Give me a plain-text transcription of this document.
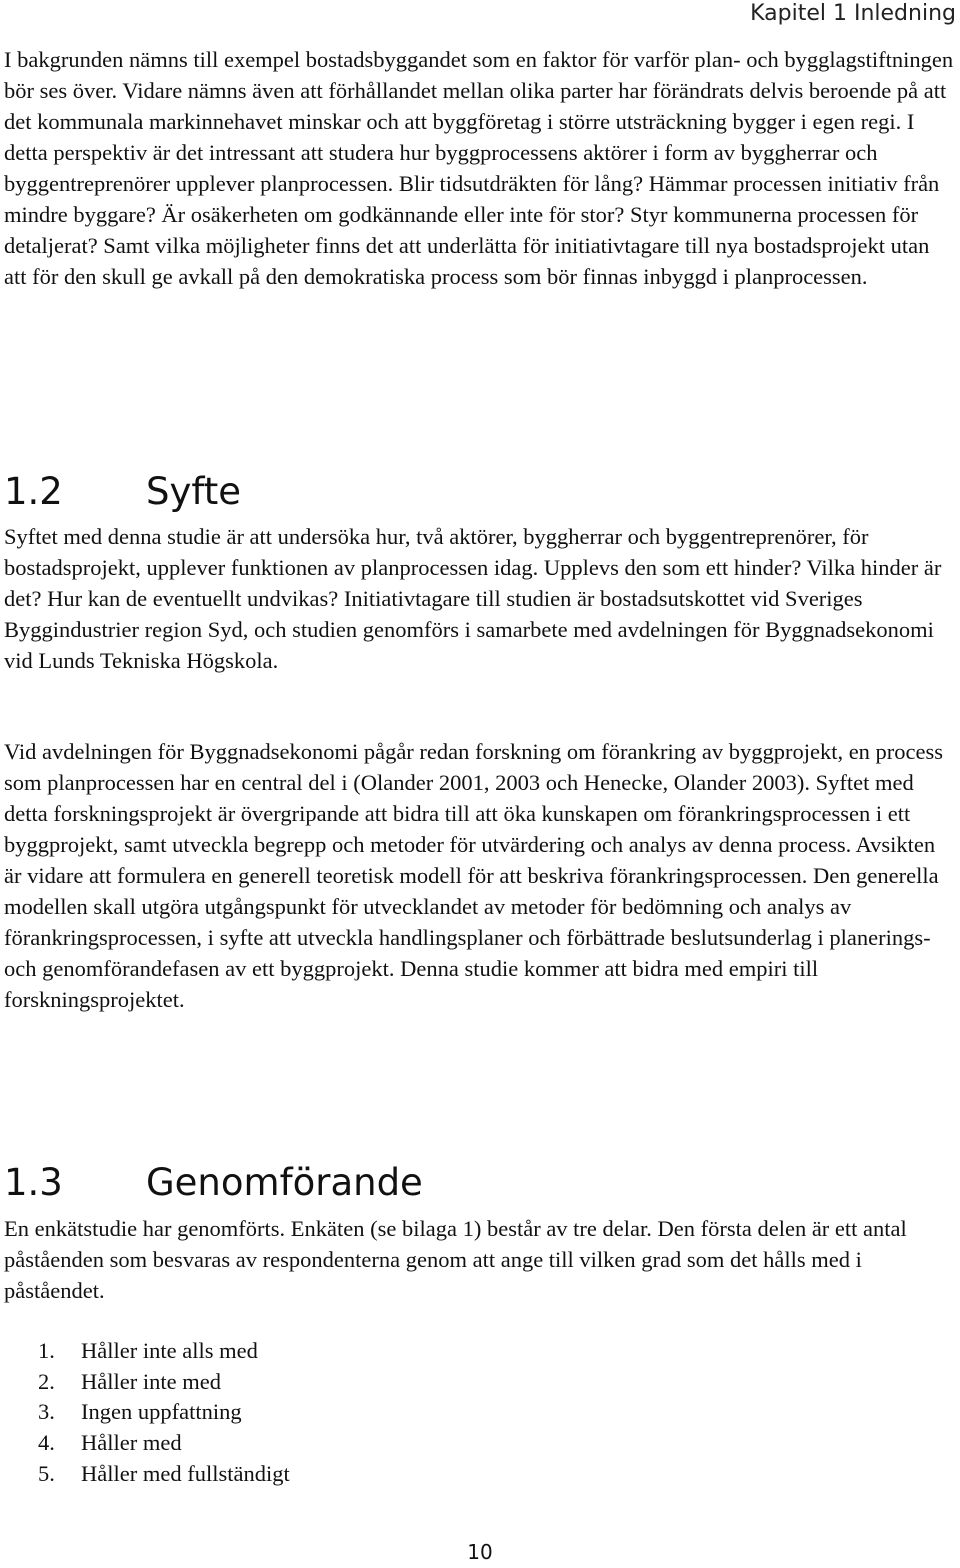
Kapitel 1 Inledning

I bakgrunden nämns till exempel bostadsbyggandet som en faktor för varför plan- och bygglagstiftningen bör ses över. Vidare nämns även att förhållandet mellan olika parter har förändrats delvis beroende på att det kommunala markinnehavet minskar och att byggföretag i större utsträckning bygger i egen regi. I detta perspektiv är det intressant att studera hur byggprocessens aktörer i form av byggherrar och byggentreprenörer upplever planprocessen. Blir tidsutdräkten för lång? Hämmar processen initiativ från mindre byggare? Är osäkerheten om godkännande eller inte för stor? Styr kommunerna processen för detaljerat? Samt vilka möjligheter finns det att underlätta för initiativtagare till nya bostadsprojekt utan att för den skull ge avkall på den demokratiska process som bör finnas inbyggd i planprocessen.

1.2 Syfte

Syftet med denna studie är att undersöka hur, två aktörer, byggherrar och byggentreprenörer, för bostadsprojekt, upplever funktionen av planprocessen idag. Upplevs den som ett hinder? Vilka hinder är det? Hur kan de eventuellt undvikas? Initiativtagare till studien är bostadsutskottet vid Sveriges Byggindustrier region Syd, och studien genomförs i samarbete med avdelningen för Byggnadsekonomi vid Lunds Tekniska Högskola.

Vid avdelningen för Byggnadsekonomi pågår redan forskning om förankring av byggprojekt, en process som planprocessen har en central del i (Olander 2001, 2003 och Henecke, Olander 2003). Syftet med detta forskningsprojekt är övergripande att bidra till att öka kunskapen om förankringsprocessen i ett byggprojekt, samt utveckla begrepp och metoder för utvärdering och analys av denna process. Avsikten är vidare att formulera en generell teoretisk modell för att beskriva förankringsprocessen. Den generella modellen skall utgöra utgångspunkt för utvecklandet av metoder för bedömning och analys av förankringsprocessen, i syfte att utveckla handlingsplaner och förbättrade beslutsunderlag i planerings- och genomförandefasen av ett byggprojekt. Denna studie kommer att bidra med empiri till forskningsprojektet.

1.3 Genomförande

En enkätstudie har genomförts. Enkäten (se bilaga 1) består av tre delar. Den första delen är ett antal påståenden som besvaras av respondenterna genom att ange till vilken grad som det hålls med i påståendet.

1. Håller inte alls med
2. Håller inte med
3. Ingen uppfattning
4. Håller med
5. Håller med fullständigt
10
